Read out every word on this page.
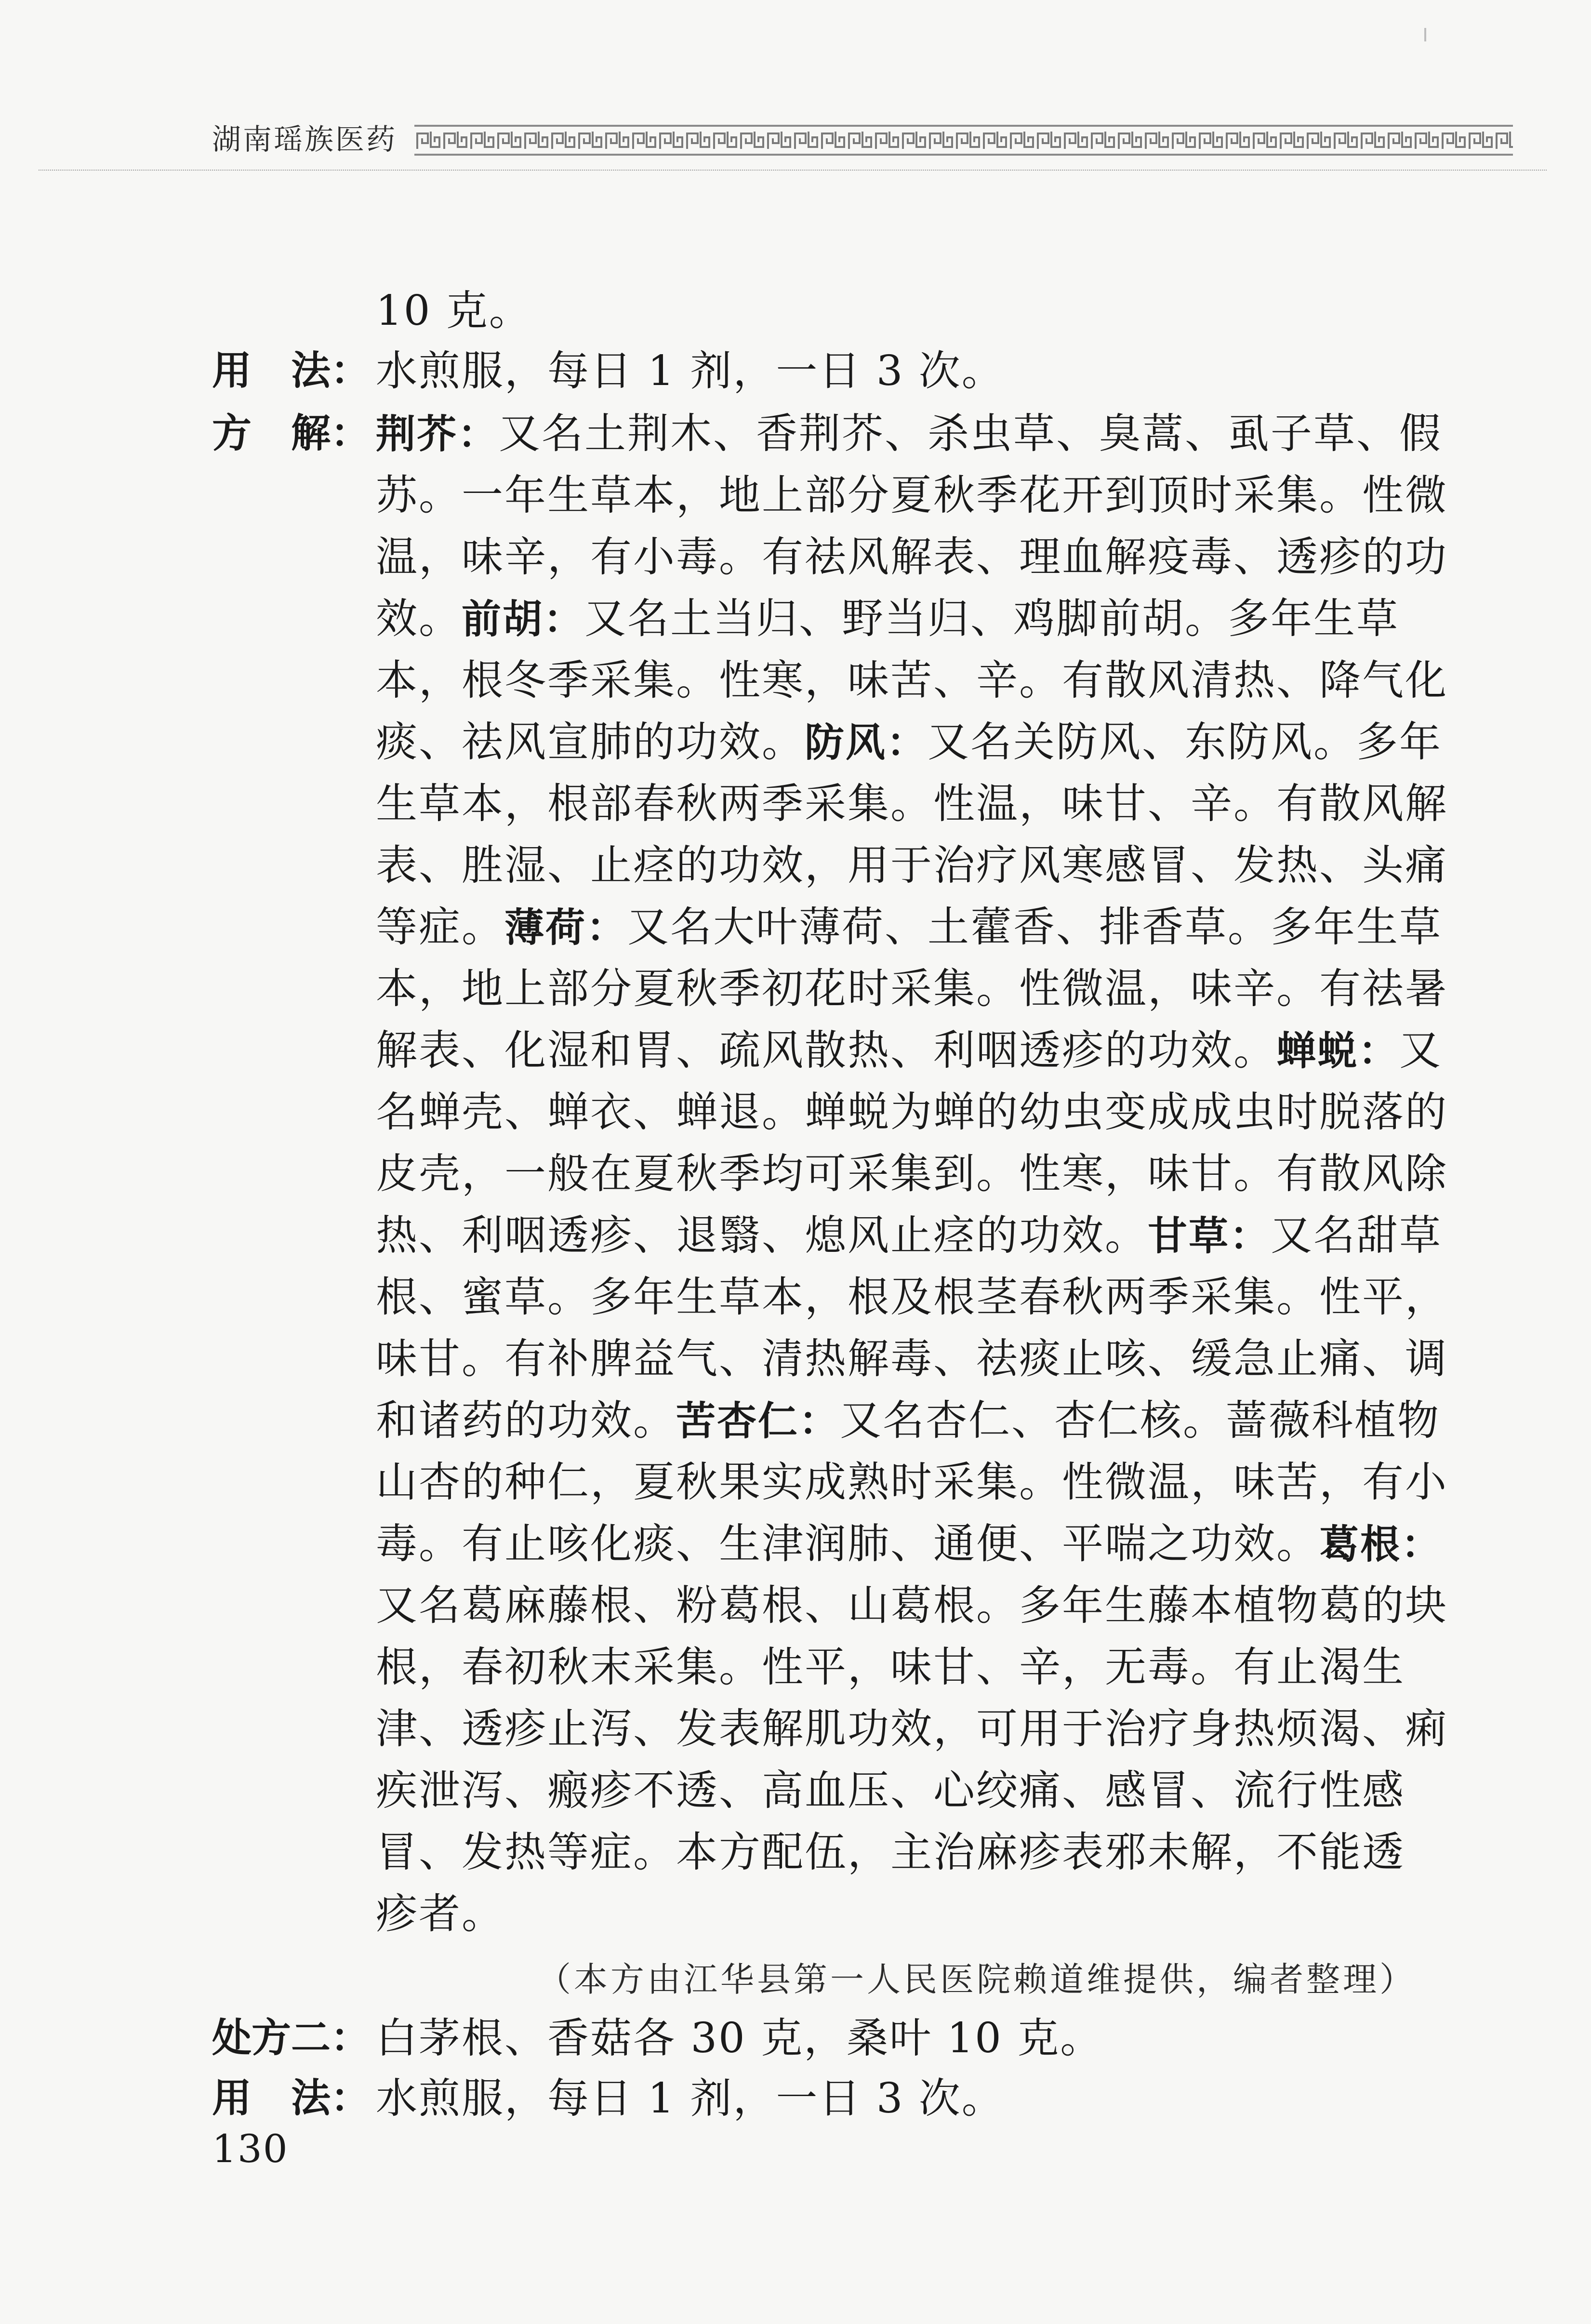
湖南瑶族医药
10 克。
用 法： 水煎服，每日 1 剂，一日 3 次。
方 解： 荆芥：又名土荆木、香荆芥、杀虫草、臭蒿、虱子草、假
苏。一年生草本，地上部分夏秋季花开到顶时采集。性微
温，味辛，有小毒。有祛风解表、理血解疫毒、透疹的功
效。前胡：又名土当归、野当归、鸡脚前胡。多年生草
本，根冬季采集。性寒，味苦、辛。有散风清热、降气化
痰、祛风宣肺的功效。防风：又名关防风、东防风。多年
生草本，根部春秋两季采集。性温，味甘、辛。有散风解
表、胜湿、止痉的功效，用于治疗风寒感冒、发热、头痛
等症。薄荷：又名大叶薄荷、土藿香、排香草。多年生草
本，地上部分夏秋季初花时采集。性微温，味辛。有祛暑
解表、化湿和胃、疏风散热、利咽透疹的功效。蝉蜕：又
名蝉壳、蝉衣、蝉退。蝉蜕为蝉的幼虫变成成虫时脱落的
皮壳，一般在夏秋季均可采集到。性寒，味甘。有散风除
热、利咽透疹、退翳、熄风止痉的功效。甘草：又名甜草
根、蜜草。多年生草本，根及根茎春秋两季采集。性平，
味甘。有补脾益气、清热解毒、祛痰止咳、缓急止痛、调
和诸药的功效。苦杏仁：又名杏仁、杏仁核。蔷薇科植物
山杏的种仁，夏秋果实成熟时采集。性微温，味苦，有小
毒。有止咳化痰、生津润肺、通便、平喘之功效。葛根：
又名葛麻藤根、粉葛根、山葛根。多年生藤本植物葛的块
根，春初秋末采集。性平，味甘、辛，无毒。有止渴生
津、透疹止泻、发表解肌功效，可用于治疗身热烦渴、痢
疾泄泻、瘢疹不透、高血压、心绞痛、感冒、流行性感
冒、发热等症。本方配伍，主治麻疹表邪未解，不能透
疹者。
（本方由江华县第一人民医院赖道维提供，编者整理）
处方二： 白茅根、香菇各 30 克，桑叶 10 克。
用 法： 水煎服，每日 1 剂，一日 3 次。
130
